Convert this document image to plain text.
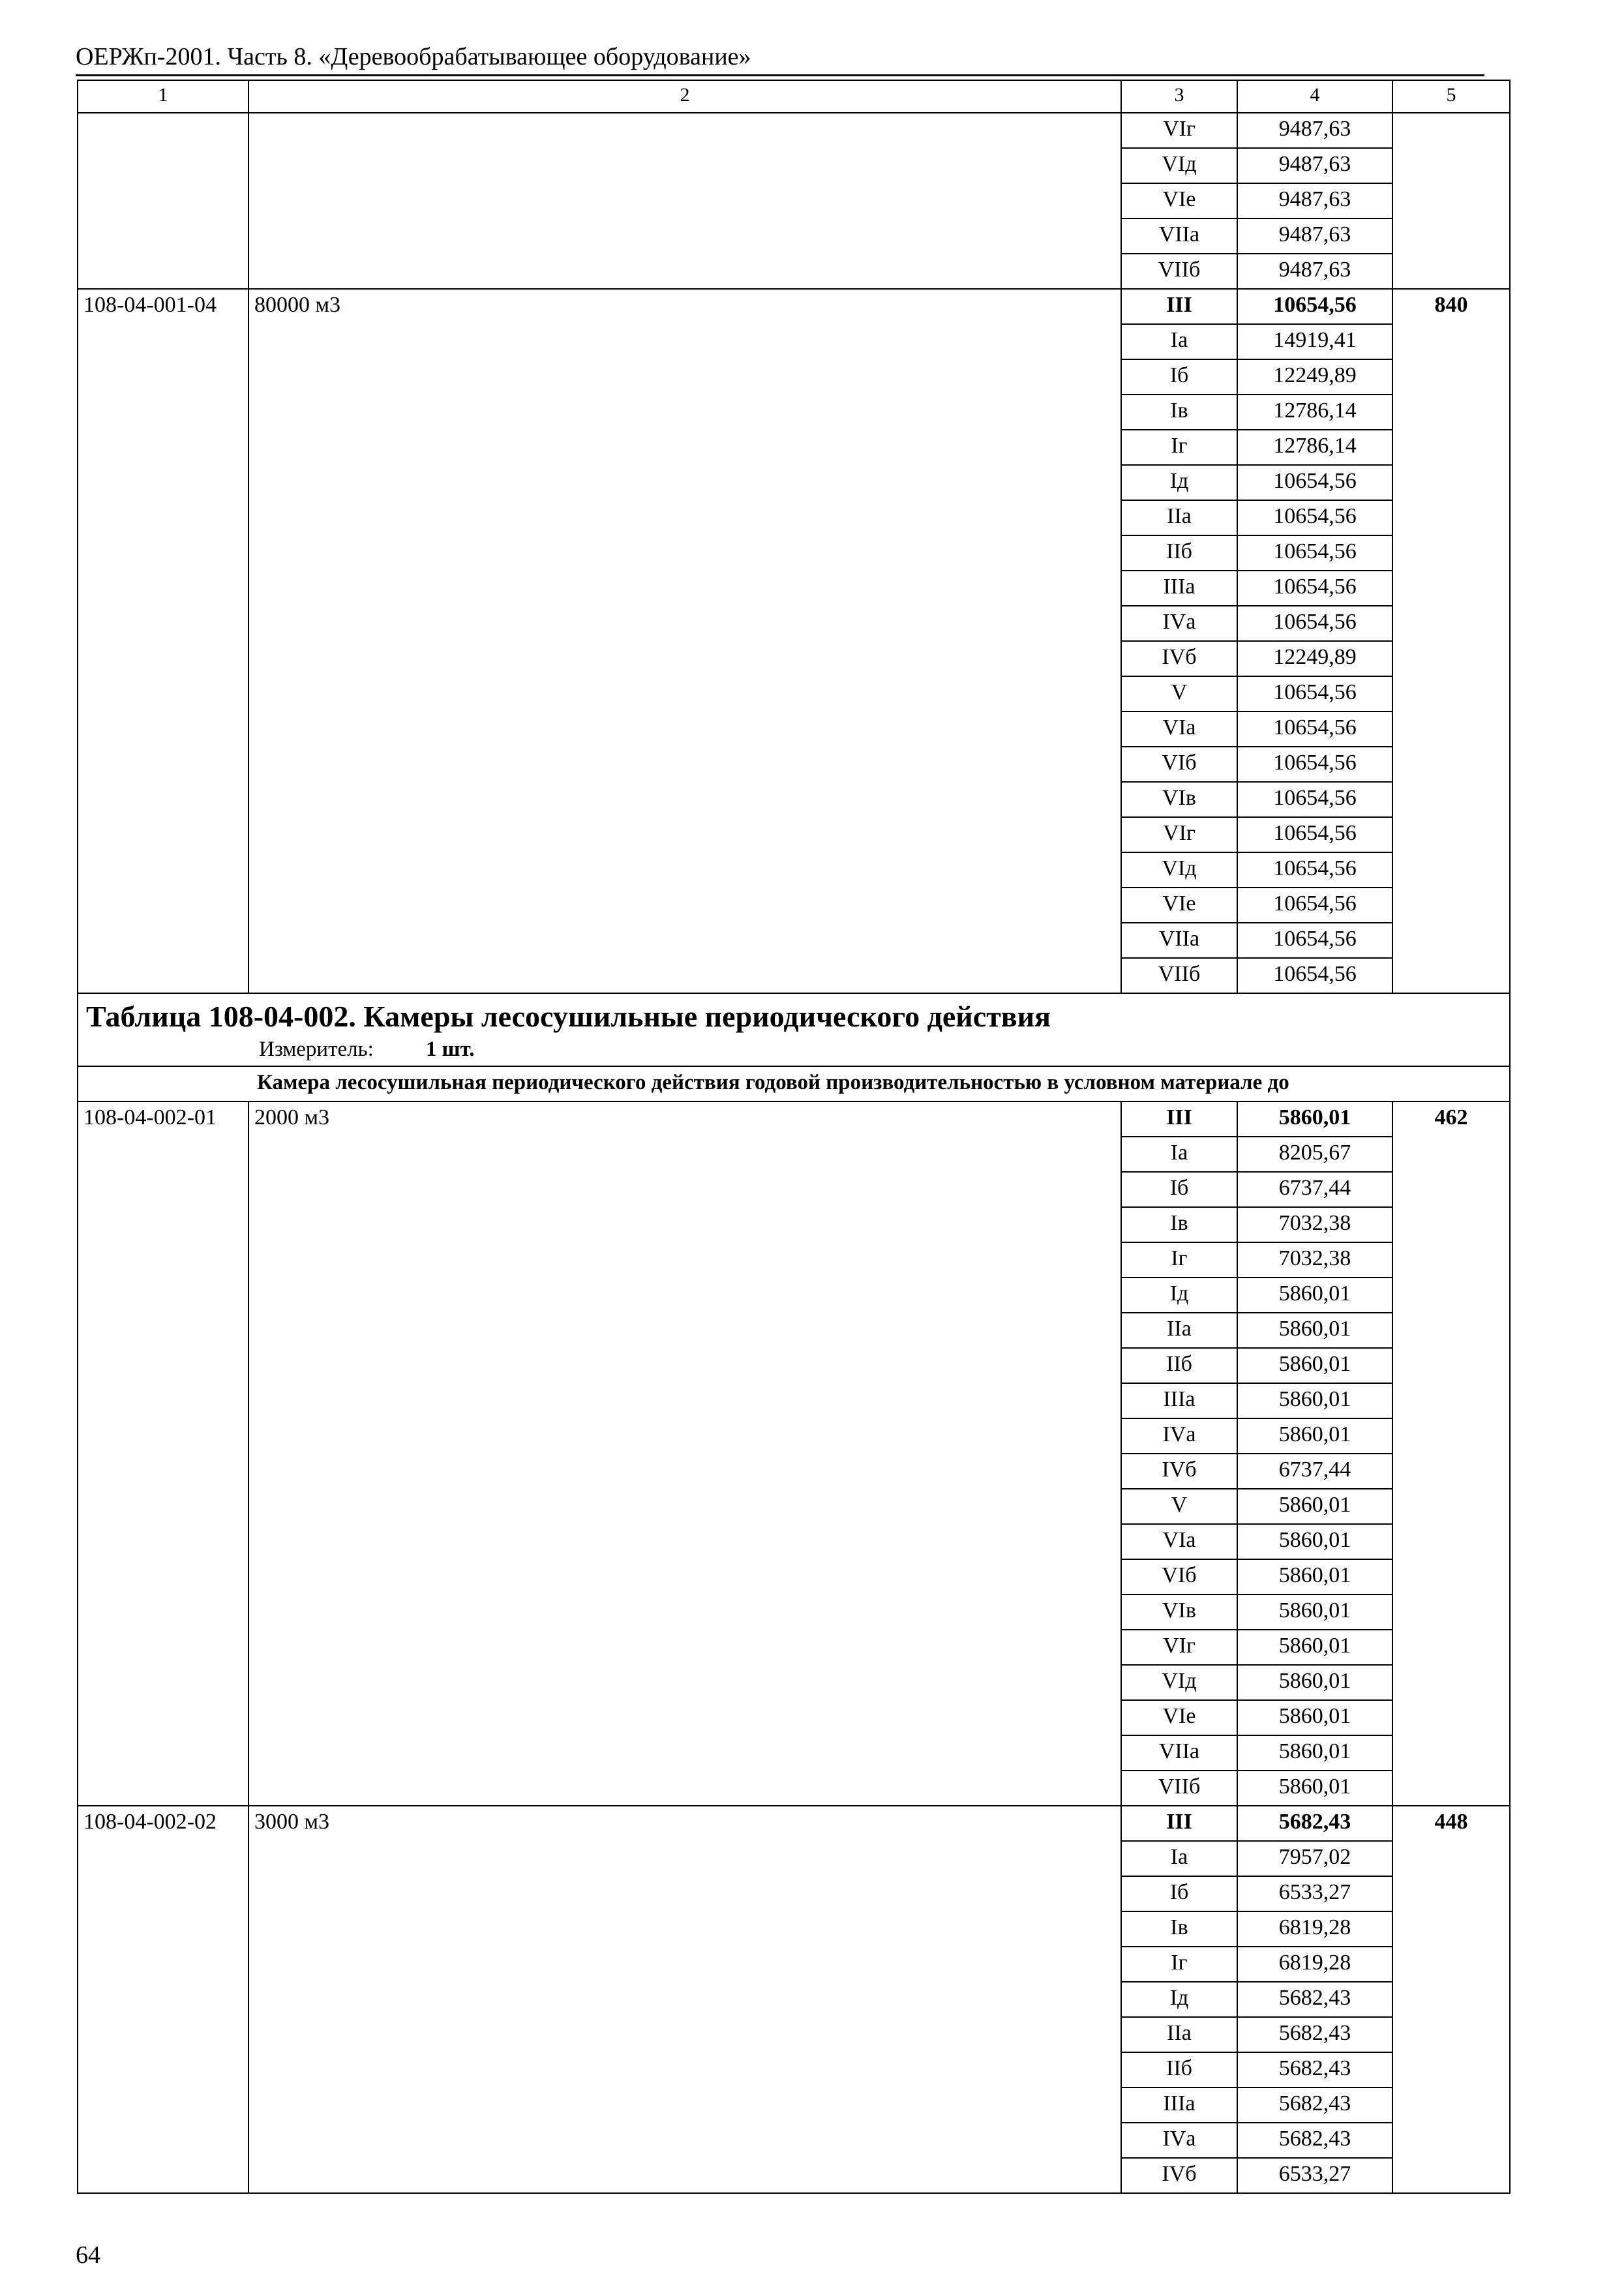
ОЕРЖп-2001. Часть 8. «Деревообрабатывающее оборудование»
1	2	3	4	5
		VIг	9487,63	
		VIд	9487,63	
		VIе	9487,63	
		VIIа	9487,63	
		VIIб	9487,63	
108-04-001-04	80000 м3	III	10654,56	840
		Iа	14919,41	
		Iб	12249,89	
		Iв	12786,14	
		Iг	12786,14	
		Iд	10654,56	
		IIа	10654,56	
		IIб	10654,56	
		IIIа	10654,56	
		IVа	10654,56	
		IVб	12249,89	
		V	10654,56	
		VIа	10654,56	
		VIб	10654,56	
		VIв	10654,56	
		VIг	10654,56	
		VIд	10654,56	
		VIе	10654,56	
		VIIа	10654,56	
		VIIб	10654,56	

Таблица 108-04-002. Камеры лесосушильные периодического действия
Измеритель: 1 шт.				

Камера лесосушильная периодического действия годовой производительностью в условном материале до				
108-04-002-01	2000 м3	III	5860,01	462
		Iа	8205,67	
		Iб	6737,44	
		Iв	7032,38	
		Iг	7032,38	
		Iд	5860,01	
		IIа	5860,01	
		IIб	5860,01	
		IIIа	5860,01	
		IVа	5860,01	
		IVб	6737,44	
		V	5860,01	
		VIа	5860,01	
		VIб	5860,01	
		VIв	5860,01	
		VIг	5860,01	
		VIд	5860,01	
		VIе	5860,01	
		VIIа	5860,01	
		VIIб	5860,01	
108-04-002-02	3000 м3	III	5682,43	448
		Iа	7957,02	
		Iб	6533,27	
		Iв	6819,28	
		Iг	6819,28	
		Iд	5682,43	
		IIа	5682,43	
		IIб	5682,43	
		IIIа	5682,43	
		IVа	5682,43	
		IVб	6533,27	
64
